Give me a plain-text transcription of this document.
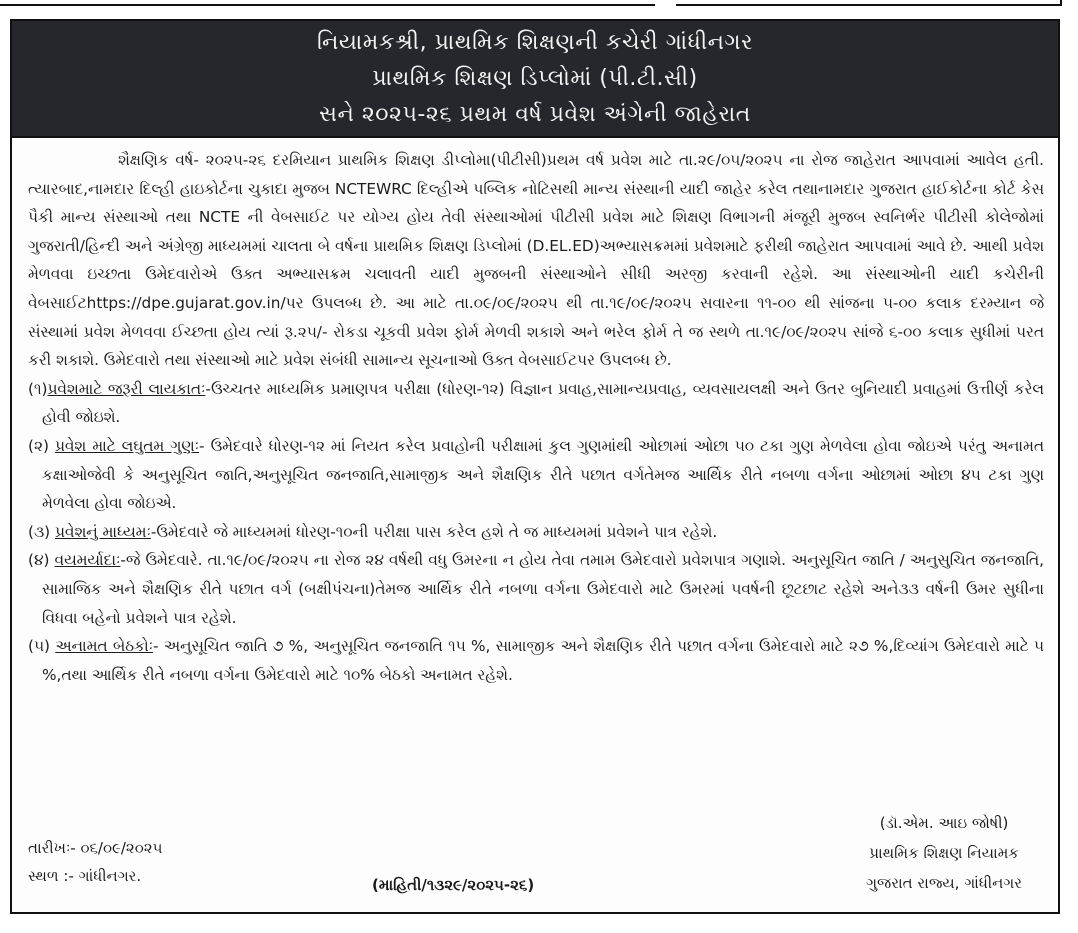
નિયામકશ્રી, પ્રાથમિક શિક્ષણની કચેરી ગાંધીનગર
પ્રાથમિક શિક્ષણ ડિપ્લોમાં (પી.ટી.સી)
સને ૨૦૨૫-૨૬ પ્રથમ વર્ષ પ્રવેશ અંગેની જાહેરાત

શૈક્ષણિક વર્ષ- ૨૦૨૫-૨૬ દરમિયાન પ્રાથમિક શિક્ષણ ડીપ્લોમા(પીટીસી)પ્રથમ વર્ષ પ્રવેશ માટે તા.૨૯/૦૫/૨૦૨૫ ના રોજ જાહેરાત આપવામાં આવેલ હતી. ત્યારબાદ,નામદાર દિલ્હી હાઇકોર્ટના ચુકાદા મુજબ NCTEWRC દિલ્હીએ પબ્લિક નોટિસથી માન્ય સંસ્થાની યાદી જાહેર કરેલ તથાનામદાર ગુજરાત હાઈકોર્ટના કોર્ટ કેસ પૈકી માન્ય સંસ્થાઓ તથા NCTE ની વેબસાઈટ પર યોગ્ય હોય તેવી સંસ્થાઓમાં પીટીસી પ્રવેશ માટે શિક્ષણ વિભાગની મંજૂરી મુજબ સ્વનિર્ભર પીટીસી કોલેજોમાં ગુજરાતી/હિન્દી અને અંગ્રેજી માધ્યમમાં ચાલતા બે વર્ષના પ્રાથમિક શિક્ષણ ડિપ્લોમાં (D.EL.ED)અભ્યાસક્રમમાં પ્રવેશમાટે ફરીથી જાહેરાત આપવામાં આવે છે. આથી પ્રવેશ મેળવવા ઇચ્છતા ઉમેદવારોએ ઉક્ત અભ્યાસક્રમ ચલાવતી યાદી મુજબની સંસ્થાઓને સીધી અરજી કરવાની રહેશે. આ સંસ્થાઓની યાદી કચેરીની વેબસાઈટhttps://dpe.gujarat.gov.in/પર ઉપલબ્ધ છે. આ માટે તા.૦૯/૦૯/૨૦૨૫ થી તા.૧૯/૦૯/૨૦૨૫ સવારના ૧૧-૦૦ થી સાંજના ૫-૦૦ કલાક દરમ્યાન જે સંસ્થામાં પ્રવેશ મેળવવા ઈચ્છતા હોય ત્યાં રૂ.૨૫/- રોકડા ચૂકવી પ્રવેશ ફોર્મ મેળવી શકાશે અને ભરેલ ફોર્મ તે જ સ્થળે તા.૧૯/૦૯/૨૦૨૫ સાંજે ૬-૦૦ કલાક સુધીમાં પરત કરી શકાશે. ઉમેદવારો તથા સંસ્થાઓ માટે પ્રવેશ સંબંધી સામાન્ય સૂચનાઓ ઉક્ત વેબસાઈટપર ઉપલબ્ધ છે.

(૧)પ્રવેશમાટે જરૂરી લાયકાતઃ-ઉચ્ચતર માધ્યમિક પ્રમાણપત્ર પરીક્ષા (ધોરણ-૧૨) વિજ્ઞાન પ્રવાહ,સામાન્યપ્રવાહ, વ્યવસાયલક્ષી અને ઉતર બુનિયાદી પ્રવાહમાં ઉત્તીર્ણ કરેલ હોવી જોઇશે.

(૨) પ્રવેશ માટે લઘુતમ ગુણઃ- ઉમેદવારે ધોરણ-૧૨ માં નિયત કરેલ પ્રવાહોની પરીક્ષામાં કુલ ગુણમાંથી ઓછામાં ઓછા ૫૦ ટકા ગુણ મેળવેલા હોવા જોઇએ પરંતુ અનામત કક્ષાઓજેવી કે અનુસૂચિત જાતિ,અનુસૂચિત જનજાતિ,સામાજીક અને શૈક્ષણિક રીતે પછાત વર્ગતેમજ આર્થિક રીતે નબળા વર્ગના ઓછામાં ઓછા ૪૫ ટકા ગુણ મેળવેલા હોવા જોઇએ.

(૩) પ્રવેશનું માધ્યમઃ-ઉમેદવારે જે માધ્યમમાં ધોરણ-૧૦ની પરીક્ષા પાસ કરેલ હશે તે જ માધ્યમમાં પ્રવેશને પાત્ર રહેશે.

(૪) વયમર્યાદાઃ-જે ઉમેદવારે. તા.૧૯/૦૯/૨૦૨૫ ના રોજ ૨૪ વર્ષથી વધુ ઉમરના ન હોય તેવા તમામ ઉમેદવારો પ્રવેશપાત્ર ગણાશે. અનુસૂચિત જાતિ / અનુસુચિત જનજાતિ, સામાજિક અને શૈક્ષણિક રીતે પછાત વર્ગ (બક્ષીપંચના)તેમજ આર્થિક રીતે નબળા વર્ગના ઉમેદવારો માટે ઉમરમાં ૫વર્ષની છૂટછાટ રહેશે અને૩૩ વર્ષની ઉમર સુધીના વિધવા બહેનો પ્રવેશને પાત્ર રહેશે.

(૫) અનામત બેઠકોઃ- અનુસૂચિત જાતિ ૭ %, અનુસૂચિત જનજાતિ ૧૫ %, સામાજીક અને શૈક્ષણિક રીતે પછાત વર્ગના ઉમેદવારો માટે ૨૭ %,દિવ્યાંગ ઉમેદવારો માટે ૫ %,તથા આર્થિક રીતે નબળા વર્ગના ઉમેદવારો માટે ૧૦% બેઠકો અનામત રહેશે.

તારીખઃ- ૦૬/૦૯/૨૦૨૫
સ્થળ :- ગાંધીનગર.	(માહિતી/૧૩૨૯/૨૦૨૫-૨૬)
(ડૉ.એમ. આઇ જોષી)
પ્રાથમિક શિક્ષણ નિયામક
ગુજરાત રાજ્ય, ગાંધીનગર
